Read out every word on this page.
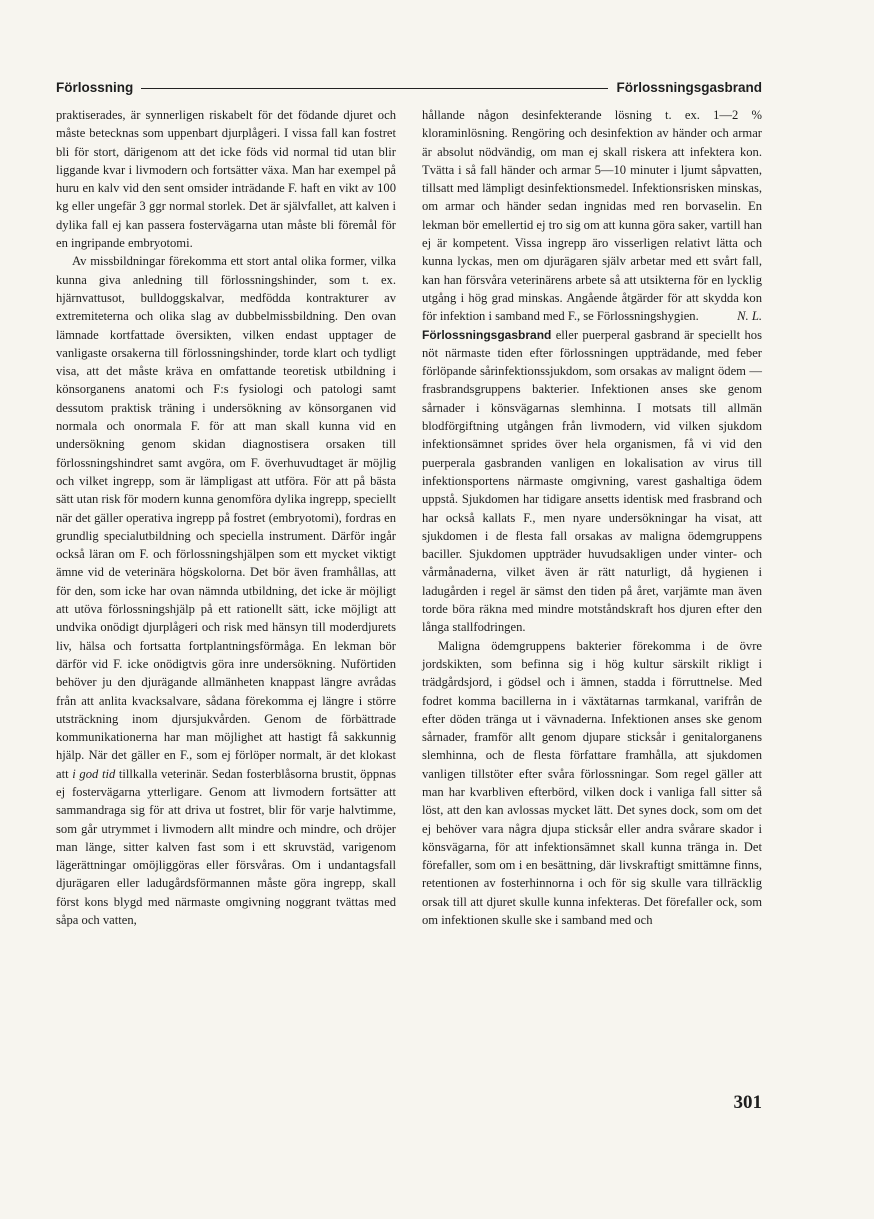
Förlossning	Förlossningsgasbrand

praktiserades, är synnerligen riskabelt för det födande djuret och måste betecknas som uppenbart djurplågeri. I vissa fall kan fostret bli för stort, därigenom att det icke föds vid normal tid utan blir liggande kvar i livmodern och fortsätter växa. Man har exempel på huru en kalv vid den sent omsider inträdande F. haft en vikt av 100 kg eller ungefär 3 ggr normal storlek. Det är självfallet, att kalven i dylika fall ej kan passera fostervägarna utan måste bli föremål för en ingripande embryotomi.

Av missbildningar förekomma ett stort antal olika former, vilka kunna giva anledning till förlossningshinder, som t. ex. hjärnvattusot, bulldoggskalvar, medfödda kontrakturer av extremiteterna och olika slag av dubbelmissbildning. Den ovan lämnade kortfattade översikten, vilken endast upptager de vanligaste orsakerna till förlossningshinder, torde klart och tydligt visa, att det måste kräva en omfattande teoretisk utbildning i könsorganens anatomi och F:s fysiologi och patologi samt dessutom praktisk träning i undersökning av könsorganen vid normala och onormala F. för att man skall kunna vid en undersökning genom skidan diagnostisera orsaken till förlossningshindret samt avgöra, om F. överhuvudtaget är möjlig och vilket ingrepp, som är lämpligast att utföra. För att på bästa sätt utan risk för modern kunna genomföra dylika ingrepp, speciellt när det gäller operativa ingrepp på fostret (embryotomi), fordras en grundlig specialutbildning och speciella instrument. Därför ingår också läran om F. och förlossningshjälpen som ett mycket viktigt ämne vid de veterinära högskolorna. Det bör även framhållas, att för den, som icke har ovan nämnda utbildning, det icke är möjligt att utöva förlossningshjälp på ett rationellt sätt, icke möjligt att undvika onödigt djurplågeri och risk med hänsyn till moderdjurets liv, hälsa och fortsatta fortplantningsförmåga. En lekman bör därför vid F. icke onödigtvis göra inre undersökning. Nuförtiden behöver ju den djurägande allmänheten knappast längre avrådas från att anlita kvacksalvare, sådana förekomma ej längre i större utsträckning inom djursjukvården. Genom de förbättrade kommunikationerna har man möjlighet att hastigt få sakkunnig hjälp. När det gäller en F., som ej förlöper normalt, är det klokast att i god tid tillkalla veterinär. Sedan fosterblåsorna brustit, öppnas ej fostervägarna ytterligare. Genom att livmodern fortsätter att sammandraga sig för att driva ut fostret, blir för varje halvtimme, som går utrymmet i livmodern allt mindre och mindre, och dröjer man länge, sitter kalven fast som i ett skruvstäd, varigenom lägerättningar omöjliggöras eller försvåras. Om i undantagsfall djurägaren eller ladugårdsförmannen måste göra ingrepp, skall först kons blygd med närmaste omgivning noggrant tvättas med såpa och vatten,

hållande någon desinfekterande lösning t. ex. 1—2 % kloraminlösning. Rengöring och desinfektion av händer och armar är absolut nödvändig, om man ej skall riskera att infektera kon. Tvätta i så fall händer och armar 5—10 minuter i ljumt såpvatten, tillsatt med lämpligt desinfektionsmedel. Infektionsrisken minskas, om armar och händer sedan ingnidas med ren borvaselin. En lekman bör emellertid ej tro sig om att kunna göra saker, vartill han ej är kompetent. Vissa ingrepp äro visserligen relativt lätta och kunna lyckas, men om djurägaren själv arbetar med ett svårt fall, kan han försvåra veterinärens arbete så att utsikterna för en lycklig utgång i hög grad minskas. Angående åtgärder för att skydda kon för infektion i samband med F., se Förlossningshygien.	N. L.

Förlossningsgasbrand eller puerperal gasbrand är speciellt hos nöt närmaste tiden efter förlossningen uppträdande, med feber förlöpande sårinfektionssjukdom, som orsakas av malignt ödem — frasbrandsgruppens bakterier. Infektionen anses ske genom sårnader i könsvägarnas slemhinna. I motsats till allmän blodförgiftning utgången från livmodern, vid vilken sjukdom infektionsämnet sprides över hela organismen, få vi vid den puerperala gasbranden vanligen en lokalisation av virus till infektionsportens närmaste omgivning, varest gashaltiga ödem uppstå. Sjukdomen har tidigare ansetts identisk med frasbrand och har också kallats F., men nyare undersökningar ha visat, att sjukdomen i de flesta fall orsakas av maligna ödemgruppens baciller. Sjukdomen uppträder huvudsakligen under vinter- och vårmånaderna, vilket även är rätt naturligt, då hygienen i ladugården i regel är sämst den tiden på året, varjämte man även torde böra räkna med mindre motståndskraft hos djuren efter den långa stallfodringen.

Maligna ödemgruppens bakterier förekomma i de övre jordskikten, som befinna sig i hög kultur särskilt rikligt i trädgårdsjord, i gödsel och i ämnen, stadda i förruttnelse. Med fodret komma bacillerna in i växtätarnas tarmkanal, varifrån de efter döden tränga ut i vävnaderna. Infektionen anses ske genom sårnader, framför allt genom djupare sticksår i genitalorganens slemhinna, och de flesta författare framhålla, att sjukdomen vanligen tillstöter efter svåra förlossningar. Som regel gäller att man har kvarbliven efterbörd, vilken dock i vanliga fall sitter så löst, att den kan avlossas mycket lätt. Det synes dock, som om det ej behöver vara några djupa sticksår eller andra svårare skador i könsvägarna, för att infektionsämnet skall kunna tränga in. Det förefaller, som om i en besättning, där livskraftigt smittämne finns, retentionen av fosterhinnorna i och för sig skulle vara tillräcklig orsak till att djuret skulle kunna infekteras. Det förefaller ock, som om infektionen skulle ske i samband med och

301
